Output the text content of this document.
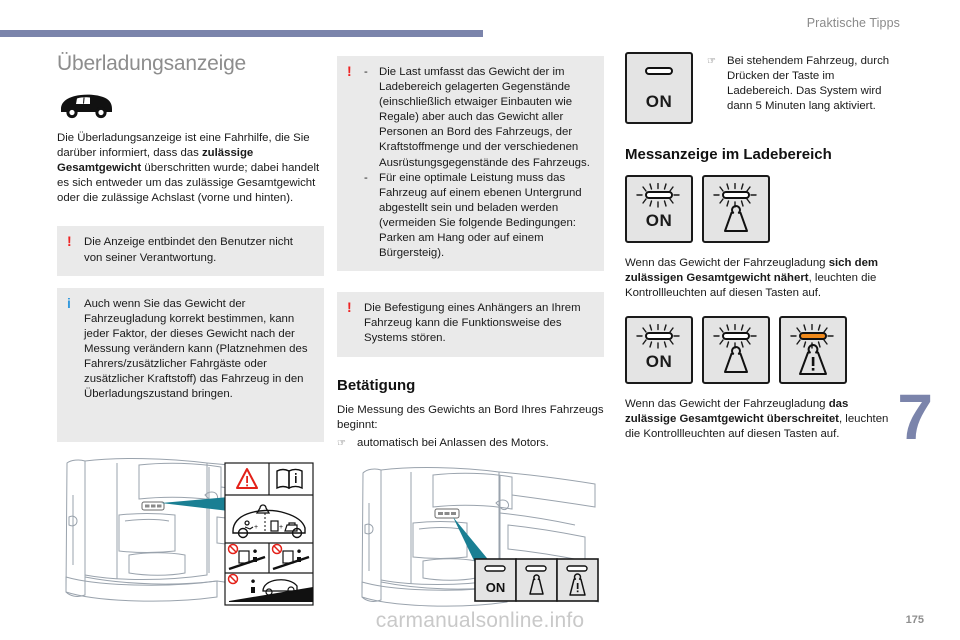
Praktische Tipps
7
Überladungsanzeige

Die Überladungsanzeige ist eine Fahrhilfe, die Sie darüber informiert, dass das zulässige Gesamtgewicht überschritten wurde; dabei handelt es sich entweder um das zulässige Gesamtgewicht oder die zulässige Achslast (vorne und hinten).

! Die Anzeige entbindet den Benutzer nicht von seiner Verantwortung.
i Auch wenn Sie das Gewicht der Fahrzeugladung korrekt bestimmen, kann jeder Faktor, der dieses Gewicht nach der Messung verändern kann (Platznehmen des Fahrers/zusätzlicher Fahrgäste oder zusätzlicher Kraftstoff) das Fahrzeug in den Überladungszustand bringen.
! - Die Last umfasst das Gewicht der im Ladebereich gelagerten Gegenstände (einschließlich etwaiger Einbauten wie Regale) aber auch das Gewicht aller Personen an Bord des Fahrzeugs, der Kraftstoffmenge und der verschiedenen Ausrüstungsgegenstände des Fahrzeugs.
- Für eine optimale Leistung muss das Fahrzeug auf einem ebenen Untergrund abgestellt sein und beladen werden (vermeiden Sie folgende Bedingungen: Parken am Hang oder auf einem Bürgersteig).
! Die Befestigung eines Anhängers an Ihrem Fahrzeug kann die Funktionsweise des Systems stören.
Betätigung

Die Messung des Gewichts an Bord Ihres Fahrzeugs beginnt:

☞ automatisch bei Anlassen des Motors.
ON
☞ Bei stehendem Fahrzeug, durch Drücken der Taste im Ladebereich. Das System wird dann 5 Minuten lang aktiviert.
Messanzeige im Ladebereich
ON

Wenn das Gewicht der Fahrzeugladung sich dem zulässigen Gesamtgewicht nähert, leuchten die Kontrollleuchten auf diesen Tasten auf.

ON

Wenn das Gewicht der Fahrzeugladung das zulässige Gesamtgewicht überschreitet, leuchten die Kontrollleuchten auf diesen Tasten auf.

+	+
ON
carmanualsonline.info	175
